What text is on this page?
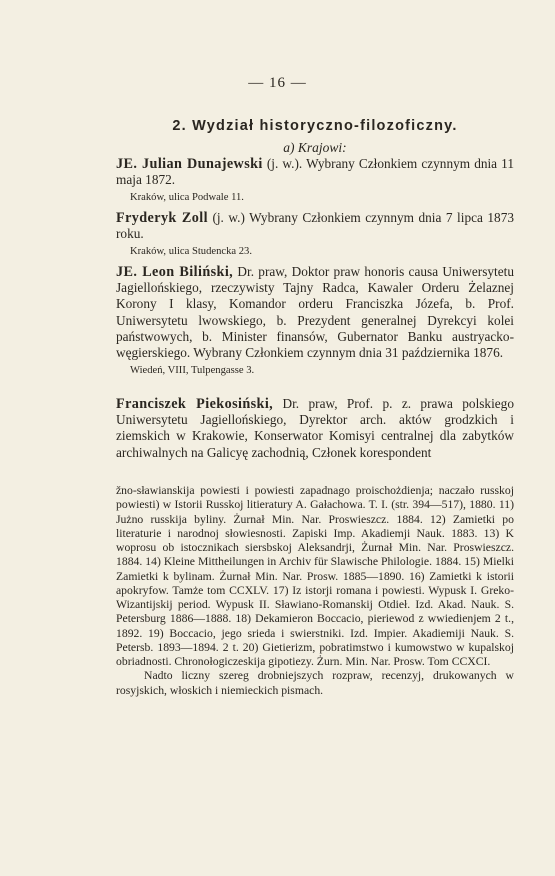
— 16 —
2. Wydział historyczno-filozoficzny.
a) Krajowi:

JE. Julian Dunajewski (j. w.). Wybrany Członkiem czynnym dnia 11 maja 1872.

Kraków, ulica Podwale 11.

Fryderyk Zoll (j. w.) Wybrany Członkiem czynnym dnia 7 lipca 1873 roku.

Kraków, ulica Studencka 23.

JE. Leon Biliński, Dr. praw, Doktor praw honoris causa Uniwersytetu Jagiellońskiego, rzeczywisty Tajny Radca, Kawaler Orderu Żelaznej Korony I klasy, Komandor orderu Franciszka Józefa, b. Prof. Uniwersytetu lwowskiego, b. Prezydent generalnej Dyrekcyi kolei państwowych, b. Minister finansów, Gubernator Banku austryacko-węgierskiego. Wybrany Członkiem czynnym dnia 31 października 1876.

Wiedeń, VIII, Tulpengasse 3.

Franciszek Piekosiński, Dr. praw, Prof. p. z. prawa polskiego Uniwersytetu Jagiellońskiego, Dyrektor arch. aktów grodzkich i ziemskich w Krakowie, Konserwator Komisyi centralnej dla zabytków archiwalnych na Galicyę zachodnią, Członek korespondent

žno-sławianskija powiesti i powiesti zapadnago proischożdienja; naczało russkoj powiesti) w Istorii Russkoj litieratury A. Gałachowa. T. I. (str. 394—517), 1880. 11) Jużno russkija byliny. Żurnał Min. Nar. Proswieszcz. 1884. 12) Zamietki po literaturie i narodnoj słowiesnosti. Zapiski Imp. Akadiemji Nauk. 1883. 13) K woprosu ob istocznikach siersbskoj Aleksandrji, Żurnał Min. Nar. Proswieszcz. 1884. 14) Kleine Mittheilungen in Archiv für Slawische Philologie. 1884. 15) Mielki Zamietki k bylinam. Żurnał Min. Nar. Prosw. 1885—1890. 16) Zamietki k istorii apokryfow. Tamże tom CCXLV. 17) Iz istorji romana i powiesti. Wypusk I. Greko-Wizantijskij period. Wypusk II. Sławiano-Romanskij Otdieł. Izd. Akad. Nauk. S. Petersburg 1886—1888. 18) Dekamieron Boccacio, pieriewod z wwiedienjem 2 t., 1892. 19) Boccacio, jego srieda i swierstniki. Izd. Impier. Akadiemiji Nauk. S. Petersb. 1893—1894. 2 t. 20) Gietierizm, pobratimstwo i kumowstwo w kupalskoj obriadnosti. Chronołogiczeskija gipotiezy. Żurn. Min. Nar. Prosw. Tom CCXCI.

Nadto liczny szereg drobniejszych rozpraw, recenzyj, drukowanych w rosyjskich, włoskich i niemieckich pismach.
